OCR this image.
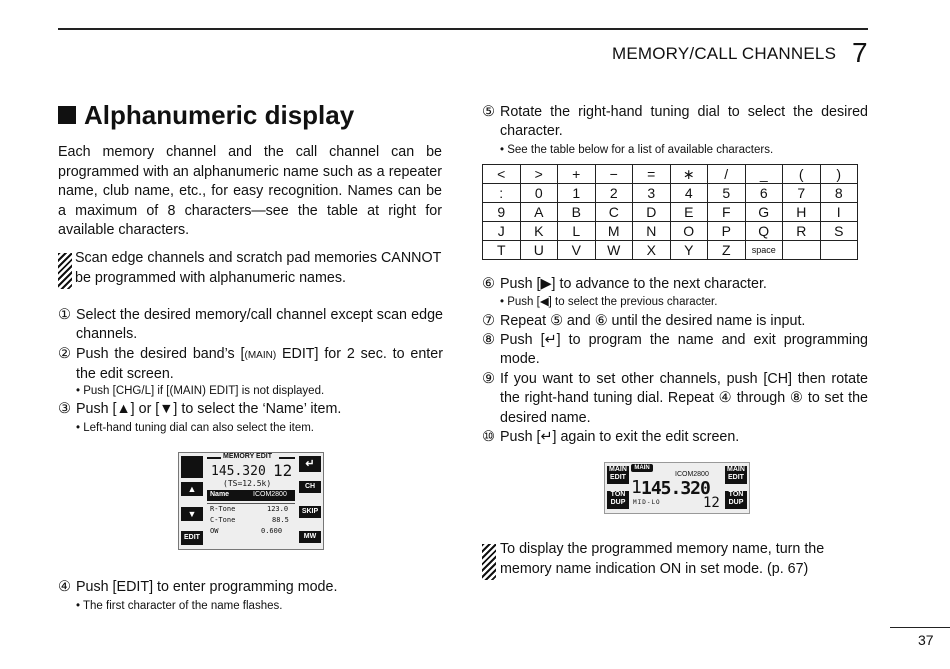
MEMORY/CALL CHANNELS 7
Alphanumeric display
Each memory channel and the call channel can be programmed with an alphanumeric name such as a repeater name, club name, etc., for easy recognition. Names can be a maximum of 8 characters—see the table at right for available characters.
Scan edge channels and scratch pad memories CANNOT be programmed with alphanumeric names.
① Select the desired memory/call channel except scan edge channels.
② Push the desired band’s [(MAIN) EDIT] for 2 sec. to enter the edit screen.
• Push [CHG/L] if [(MAIN) EDIT] is not displayed.
③ Push [▲] or [▼] to select the ‘Name’ item.
• Left-hand tuning dial can also select the item.
▲
▼
EDIT
↵
CH
SKIP
MW
MEMORY EDIT
145.320 12
(TS=12.5k)
Name	ICOM2800
R-Tone	123.0
C-Tone	88.5
OW	0.600
④ Push [EDIT] to enter programming mode.
• The first character of the name flashes.
⑤ Rotate the right-hand tuning dial to select the desired character.
• See the table below for a list of available characters.
<	>	+	−	=	∗	/	_	(	)
:	0	1	2	3	4	5	6	7	8
9	A	B	C	D	E	F	G	H	I
J	K	L	M	N	O	P	Q	R	S
T	U	V	W	X	Y	Z	space		
⑥ Push [▶] to advance to the next character.
• Push [◀] to select the previous character.
⑦ Repeat ⑤ and ⑥ until the desired name is input.
⑧ Push [↵] to program the name and exit programming mode.
⑨ If you want to set other channels, push [CH] then rotate the right-hand tuning dial. Repeat ④ through ⑧ to set the desired name.
⑩ Push [↵] again to exit the edit screen.
MAIN
EDIT
TON
DUP
MAIN
EDIT
TON
DUP
MAIN
ICOM2800
1 145.320
MID-LO	12
To display the programmed memory name, turn the memory name indication ON in set mode. (p. 67)
37
